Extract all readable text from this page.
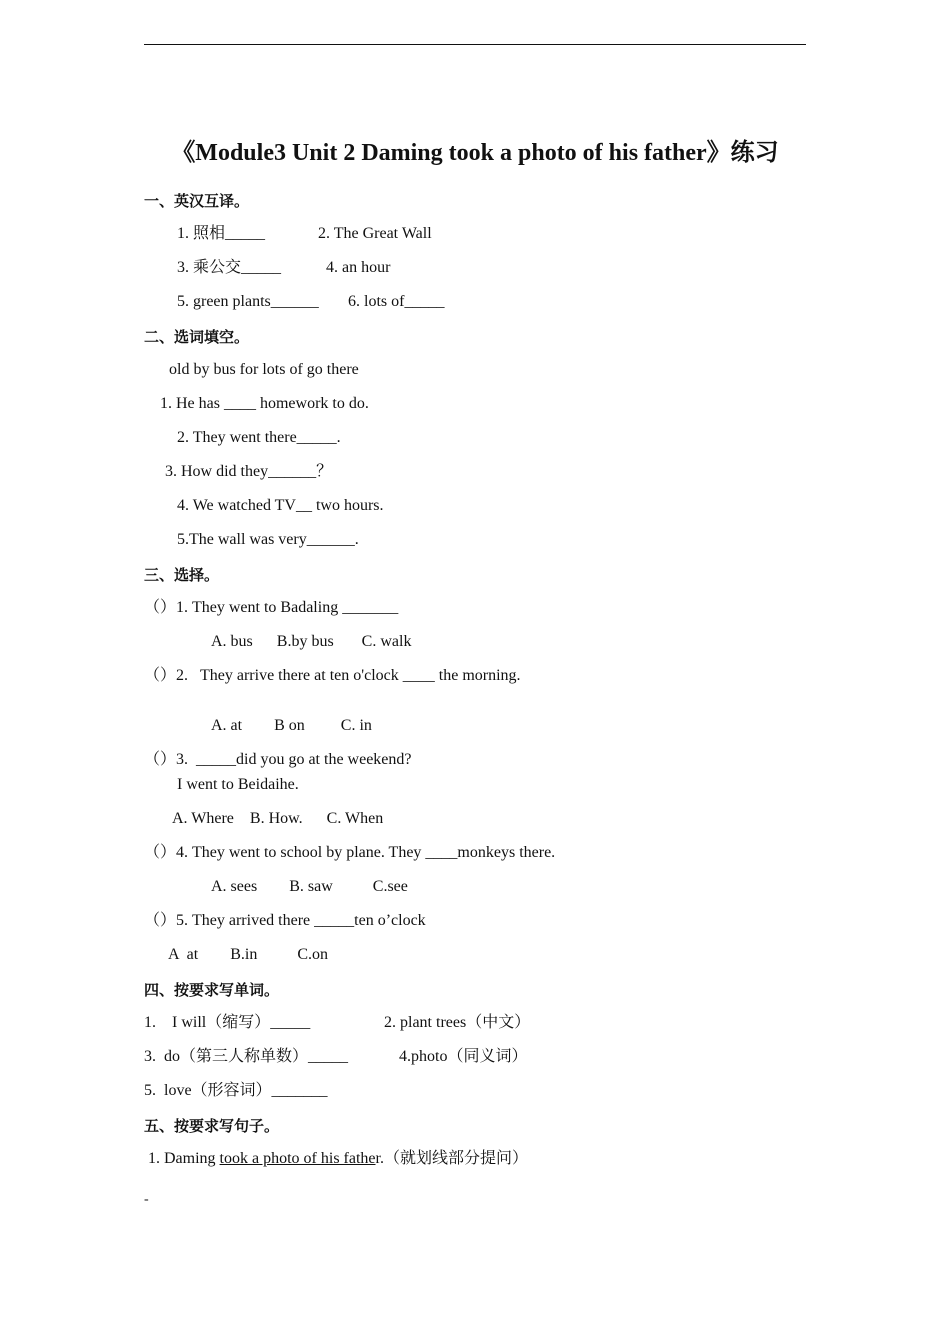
《Module3 Unit 2 Daming took a photo of his father》练习
一、英汉互译。
1. 照相_____	2. The Great Wall
3. 乘公交_____	4. an hour
5. green plants______ 6. lots of_____
二、选词填空。
old by bus for lots of go there
1. He has ____ homework to do.
2. They went there_____.
3. How did they______？
4. We watched TV__ two hours.
5.The wall was very______.
三、选择。
（）1. They went to Badaling _______
A. bus      B.by bus       C. walk
（）2.   They arrive there at ten o'clock ____ the morning.
A. at        B on         C. in
（）3.  _____did you go at the weekend?
I went to Beidaihe.
A. Where    B. How.      C. When
（）4. They went to school by plane. They ____monkeys there.
A. sees        B. saw          C.see
（）5. They arrived there _____ten o’clock
A  at        B.in          C.on
四、按要求写单词。
1.    I will（缩写）_____	2. plant trees（中文）
3.  do（第三人称单数）_____	4.photo（同义词）
5.  love（形容词）_______
五、按要求写句子。
1. Daming took a photo of his father.（就划线部分提问）
-
